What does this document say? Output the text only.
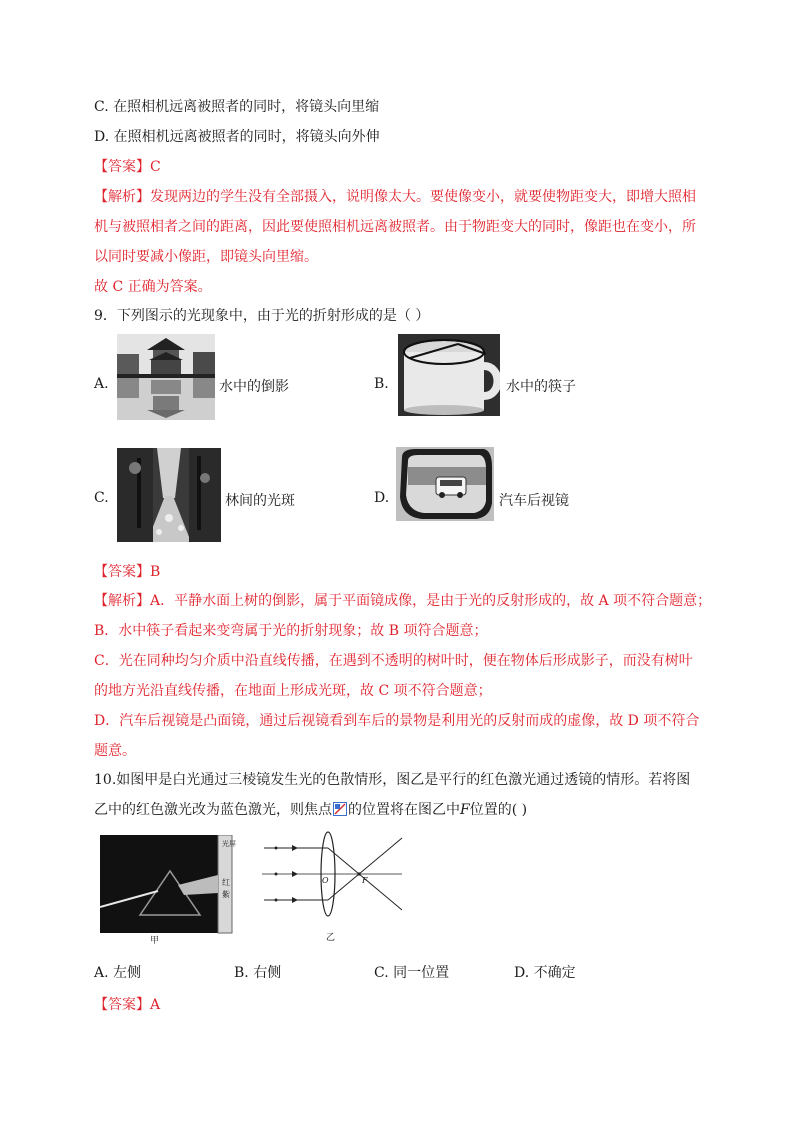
C. 在照相机远离被照者的同时，将镜头向里缩
D. 在照相机远离被照者的同时，将镜头向外伸
【答案】C
【解析】发现两边的学生没有全部摄入，说明像太大。要使像变小，就要使物距变大，即增大照相
机与被照相者之间的距离，因此要使照相机远离被照者。由于物距变大的同时，像距也在变小，所
以同时要减小像距，即镜头向里缩。
故 C 正确为答案。
9．下列图示的光现象中，由于光的折射形成的是（ ）
A.	水中的倒影	B.	水中的筷子
C.	林间的光斑	D.	汽车后视镜
【答案】B
【解析】A．平静水面上树的倒影，属于平面镜成像，是由于光的反射形成的，故 A 项不符合题意；
B．水中筷子看起来变弯属于光的折射现象；故 B 项符合题意；
C．光在同种均匀介质中沿直线传播，在遇到不透明的树叶时，便在物体后形成影子，而没有树叶
的地方光沿直线传播，在地面上形成光斑，故 C 项不符合题意；
D．汽车后视镜是凸面镜，通过后视镜看到车后的景物是利用光的反射而成的虚像，故 D 项不符合
题意。
10.如图甲是白光通过三棱镜发生光的色散情形，图乙是平行的红色激光通过透镜的情形。若将图
乙中的红色激光改为蓝色激光，则焦点 的位置将在图乙中F位置的( )
光屏
红
紫
甲
O	F
乙
A. 左侧	B. 右侧	C. 同一位置	D. 不确定
【答案】A
